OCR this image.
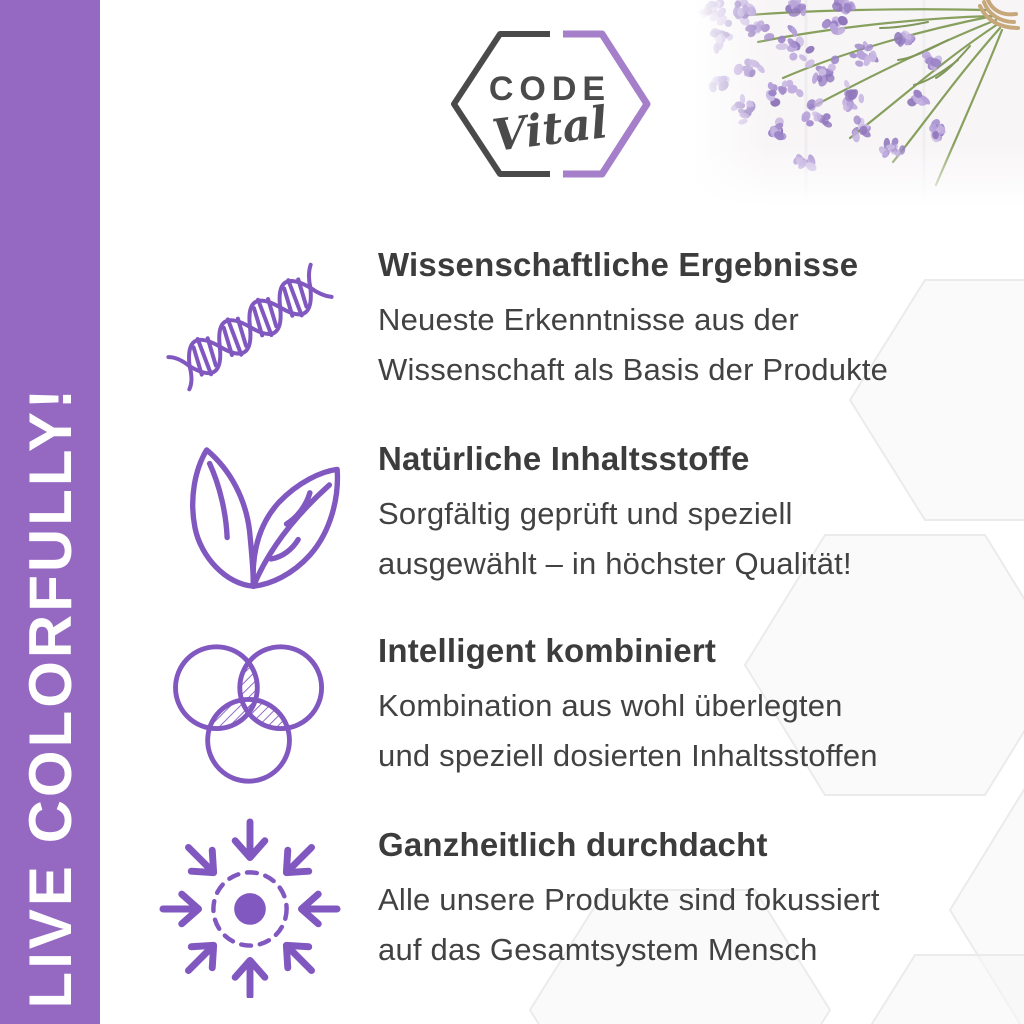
LIVE COLORFULLY!
CODE
Vital
Wissenschaftliche Ergebnisse
Neueste Erkenntnisse aus der
Wissenschaft als Basis der Produkte
Natürliche Inhaltsstoffe
Sorgfältig geprüft und speziell
ausgewählt – in höchster Qualität!
Intelligent kombiniert
Kombination aus wohl überlegten
und speziell dosierten Inhaltsstoffen
Ganzheitlich durchdacht
Alle unsere Produkte sind fokussiert
auf das Gesamtsystem Mensch
